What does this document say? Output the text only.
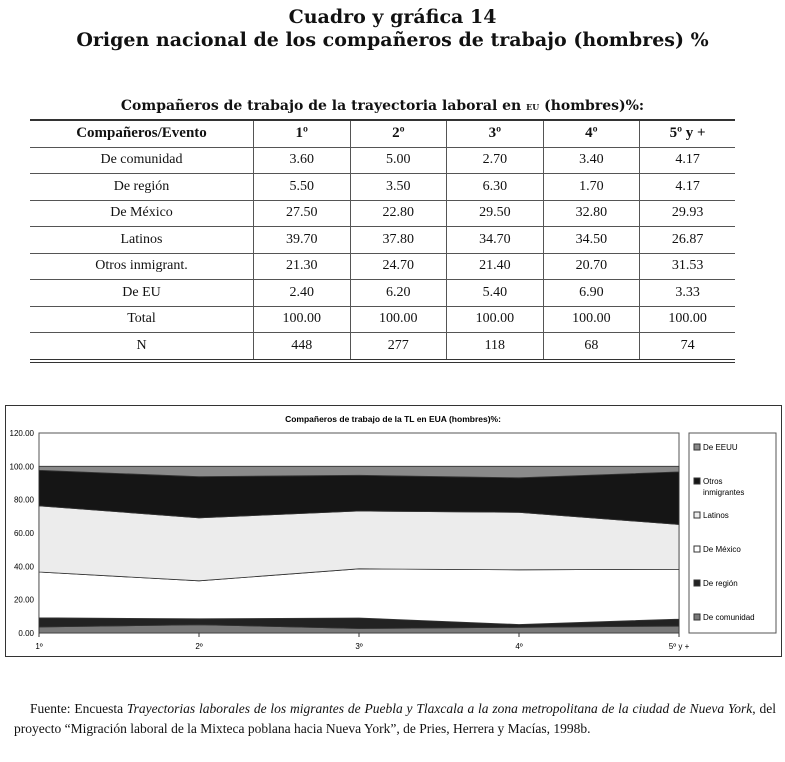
Cuadro y gráfica 14
Origen nacional de los compañeros de trabajo (hombres) %
Compañeros de trabajo de la trayectoria laboral en eu (hombres)%:
Compañeros/Evento	1º	2º	3º	4º	5º y +
De comunidad	3.60	5.00	2.70	3.40	4.17
De región	5.50	3.50	6.30	1.70	4.17
De México	27.50	22.80	29.50	32.80	29.93
Latinos	39.70	37.80	34.70	34.50	26.87
Otros inmigrant.	21.30	24.70	21.40	20.70	31.53
De EU	2.40	6.20	5.40	6.90	3.33
Total	100.00	100.00	100.00	100.00	100.00
N	448	277	118	68	74
Compañeros de trabajo de la TL en EUA (hombres)%:
0.00
20.00
40.00
60.00
80.00
100.00
120.00
1º	2º	3º	4º	5º y +
De EEUU
Otros inmigrantes
Latinos
De México
De región
De comunidad
Fuente: Encuesta Trayectorias laborales de los migrantes de Puebla y Tlaxcala a la zona metropolitana de la ciudad de Nueva York, del proyecto “Migración laboral de la Mixteca poblana hacia Nueva York”, de Pries, Herrera y Macías, 1998b.
